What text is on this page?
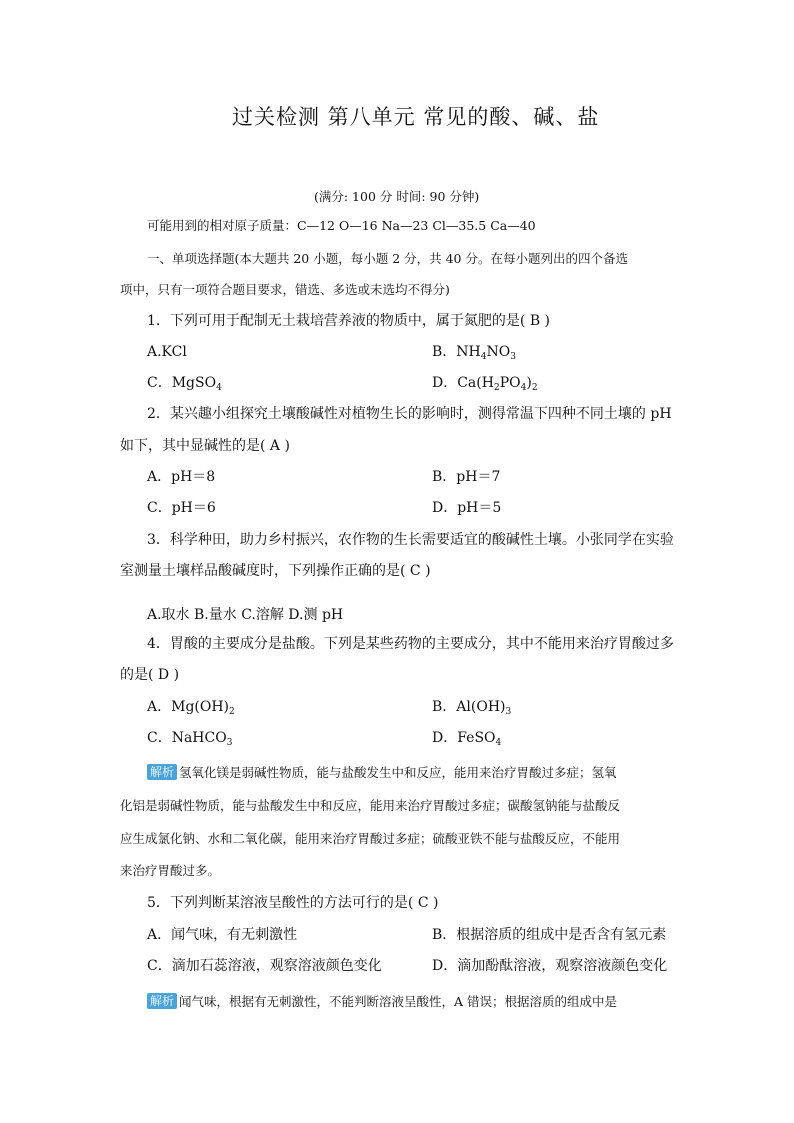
过关检测 第八单元 常见的酸、碱、盐
(满分: 100 分 时间: 90 分钟)
可能用到的相对原子质量：C—12 O—16 Na—23 Cl—35.5 Ca—40
一、单项选择题(本大题共 20 小题，每小题 2 分，共 40 分。在每小题列出的四个备选
项中，只有一项符合题目要求，错选、多选或未选均不得分)
1．下列可用于配制无土栽培营养液的物质中，属于氮肥的是( B )
A.KCl	B．$NH_4NO_3$
C．MgSO$_4$	D．$Ca(H_2PO_4)_2$
2．某兴趣小组探究土壤酸碱性对植物生长的影响时，测得常温下四种不同土壤的 pH
如下，其中显碱性的是( A )
A．pH＝8	B．pH＝7
C．pH＝6	D．pH＝5
3．科学种田，助力乡村振兴，农作物的生长需要适宜的酸碱性土壤。小张同学在实验
室测量土壤样品酸碱度时，下列操作正确的是( C )
A.取水 B.量水 C.溶解 D.测 pH
4．胃酸的主要成分是盐酸。下列是某些药物的主要成分，其中不能用来治疗胃酸过多
的是( D )
A．$Mg(OH)_2$	B．$Al(OH)_3$
C．NaHCO$_3$	D．FeSO$_4$
解析 氢氧化镁是弱碱性物质，能与盐酸发生中和反应，能用来治疗胃酸过多症；氢氧
化铝是弱碱性物质，能与盐酸发生中和反应，能用来治疗胃酸过多症；碳酸氢钠能与盐酸反
应生成氯化钠、水和二氧化碳，能用来治疗胃酸过多症；硫酸亚铁不能与盐酸反应，不能用
来治疗胃酸过多。
5．下列判断某溶液呈酸性的方法可行的是( C )
A．闻气味，有无刺激性	B．根据溶质的组成中是否含有氢元素
C．滴加石蕊溶液，观察溶液颜色变化	D．滴加酚酞溶液，观察溶液颜色变化
解析 闻气味，根据有无刺激性，不能判断溶液呈酸性，A 错误；根据溶质的组成中是
